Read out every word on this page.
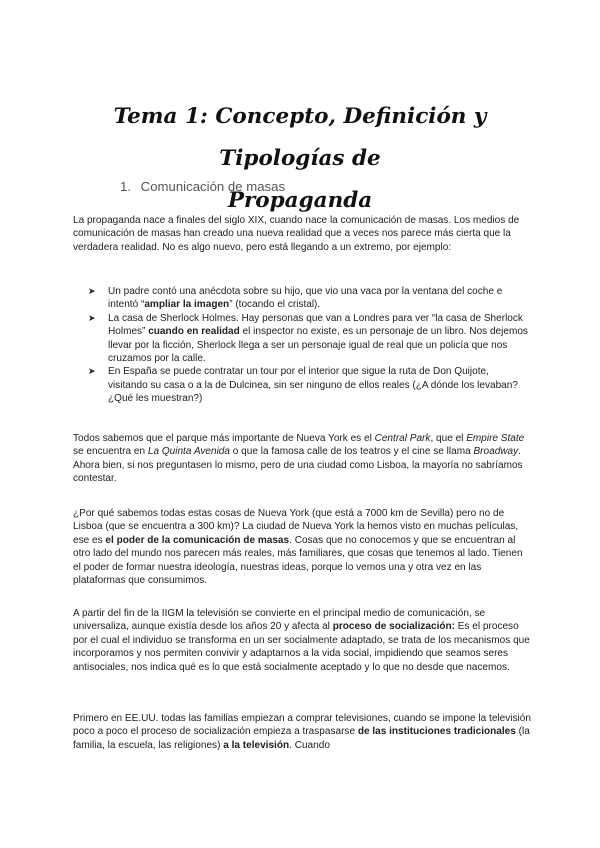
Tema 1: Concepto, Definición y Tipologías de
Propaganda
1. Comunicación de masas

La propaganda nace a finales del siglo XIX, cuando nace la comunicación de masas. Los medios de comunicación de masas han creado una nueva realidad que a veces nos parece más cierta que la verdadera realidad. No es algo nuevo, pero está llegando a un extremo, por ejemplo:

➤ Un padre contó una anécdota sobre su hijo, que vio una vaca por la ventana del coche e intentó “ampliar la imagen” (tocando el cristal).
➤ La casa de Sherlock Holmes. Hay personas que van a Londres para ver “la casa de Sherlock Holmes” cuando en realidad el inspector no existe, es un personaje de un libro. Nos dejemos llevar por la ficción, Sherlock llega a ser un personaje igual de real que un policía que nos cruzamos por la calle.
➤ En España se puede contratar un tour por el interior que sigue la ruta de Don Quijote, visitando su casa o a la de Dulcinea, sin ser ninguno de ellos reales (¿A dónde los levaban? ¿Qué les muestran?)

Todos sabemos que el parque más importante de Nueva York es el Central Park, que el Empire State se encuentra en La Quinta Avenida o que la famosa calle de los teatros y el cine se llama Broadway. Ahora bien, si nos preguntasen lo mismo, pero de una ciudad como Lisboa, la mayoría no sabríamos contestar.

¿Por qué sabemos todas estas cosas de Nueva York (que está a 7000 km de Sevilla) pero no de Lisboa (que se encuentra a 300 km)? La ciudad de Nueva York la hemos visto en muchas películas, ese es el poder de la comunicación de masas. Cosas que no conocemos y que se encuentran al otro lado del mundo nos parecen más reales, más familiares, que cosas que tenemos al lado. Tienen el poder de formar nuestra ideología, nuestras ideas, porque lo vemos una y otra vez en las plataformas que consumimos.

A partir del fin de la IIGM la televisión se convierte en el principal medio de comunicación, se universaliza, aunque existía desde los años 20 y afecta al proceso de socialización: Es el proceso por el cual el individuo se transforma en un ser socialmente adaptado, se trata de los mecanismos que incorporamos y nos permiten convivir y adaptarnos a la vida social, impidiendo que seamos seres antisociales, nos indica qué es lo que está socialmente aceptado y lo que no desde que nacemos.

Primero en EE.UU. todas las familias empiezan a comprar televisiones, cuando se impone la televisión poco a poco el proceso de socialización empieza a traspasarse de las instituciones tradicionales (la familia, la escuela, las religiones) a la televisión. Cuando
